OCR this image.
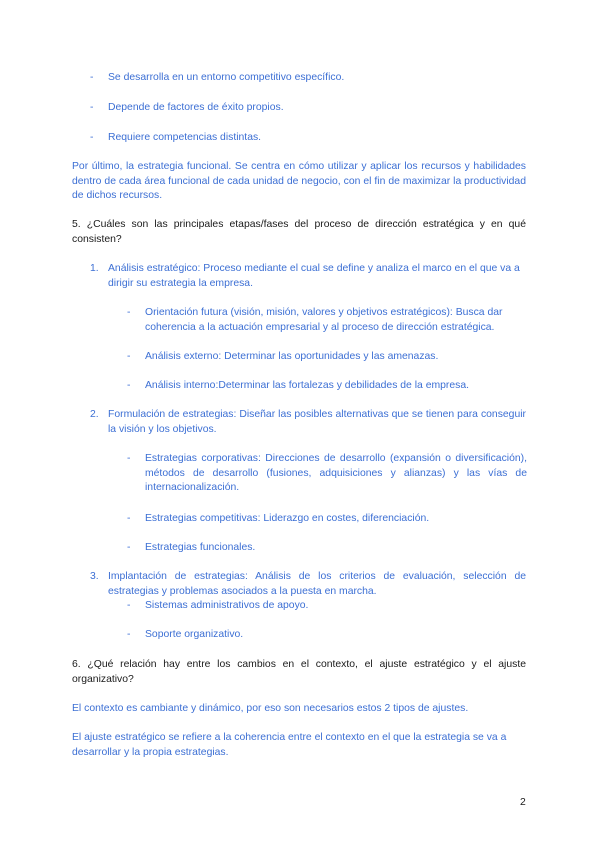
- Se desarrolla en un entorno competitivo específico.
- Depende de factores de éxito propios.
- Requiere competencias distintas.
Por último, la estrategia funcional. Se centra en cómo utilizar y aplicar los recursos y habilidades dentro de cada área funcional de cada unidad de negocio, con el fin de maximizar la productividad de dichos recursos.
5. ¿Cuáles son las principales etapas/fases del proceso de dirección estratégica y en qué consisten?
1. Análisis estratégico: Proceso mediante el cual se define y analiza el marco en el que va a dirigir su estrategia la empresa.
- Orientación futura (visión, misión, valores y objetivos estratégicos): Busca dar coherencia a la actuación empresarial y al proceso de dirección estratégica.
- Análisis externo: Determinar las oportunidades y las amenazas.
- Análisis interno:Determinar las fortalezas y debilidades de la empresa.
2. Formulación de estrategias: Diseñar las posibles alternativas que se tienen para conseguir la visión y los objetivos.
- Estrategias corporativas: Direcciones de desarrollo (expansión o diversificación), métodos de desarrollo (fusiones, adquisiciones y alianzas) y las vías de internacionalización.
- Estrategias competitivas: Liderazgo en costes, diferenciación.
- Estrategias funcionales.
3. Implantación de estrategias: Análisis de los criterios de evaluación, selección de estrategias y problemas asociados a la puesta en marcha.
- Sistemas administrativos de apoyo.
- Soporte organizativo.
6. ¿Qué relación hay entre los cambios en el contexto, el ajuste estratégico y el ajuste organizativo?
El contexto es cambiante y dinámico, por eso son necesarios estos 2 tipos de ajustes.
El ajuste estratégico se refiere a la coherencia entre el contexto en el que la estrategia se va a desarrollar y la propia estrategias.
2
